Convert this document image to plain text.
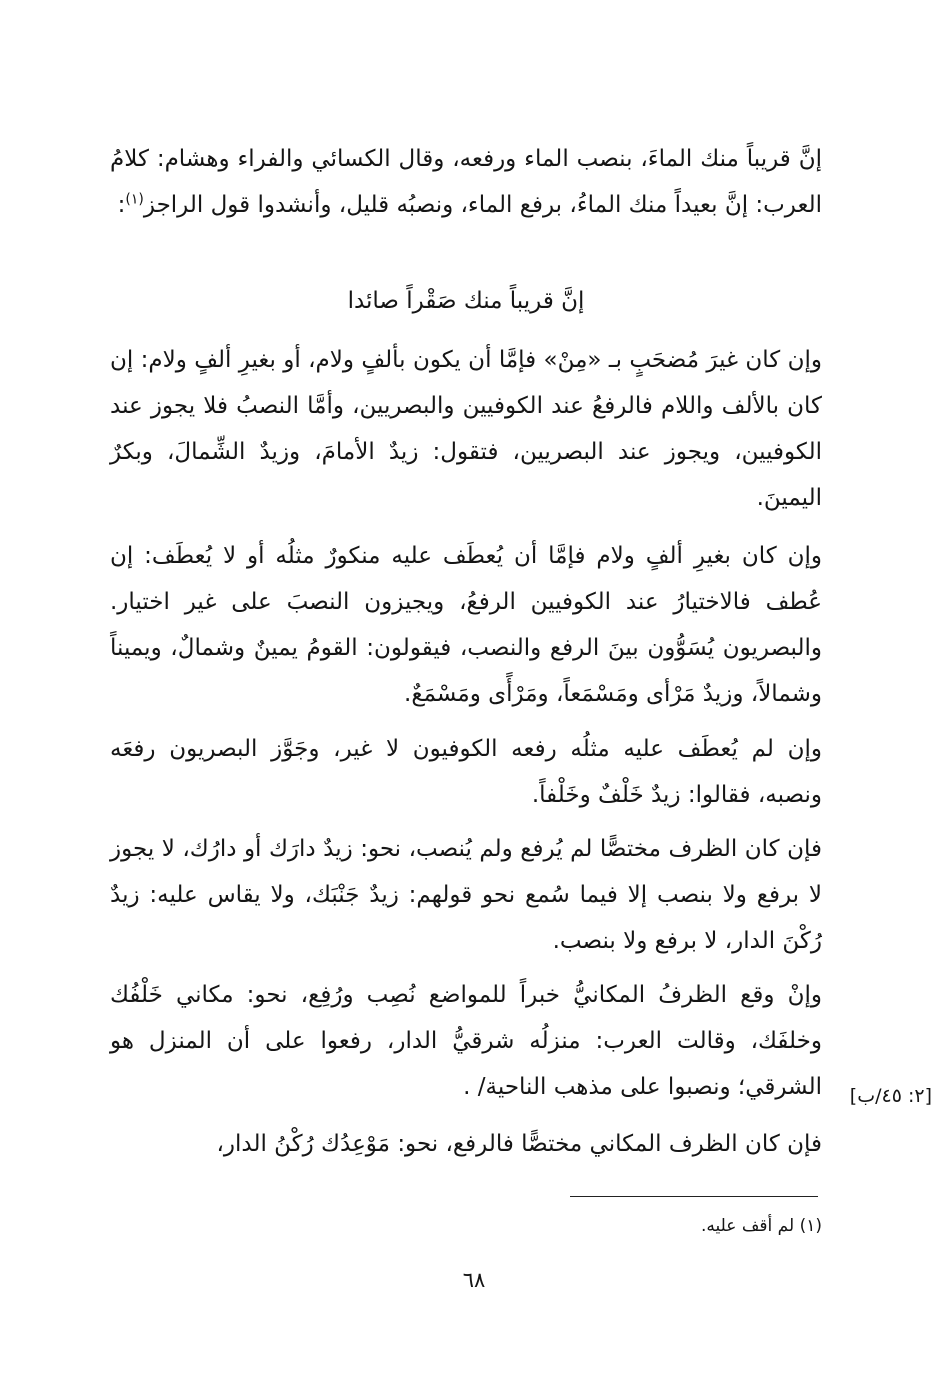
إنَّ قريباً منك الماءَ، بنصب الماء ورفعه، وقال الكسائي والفراء وهشام: كلامُ العرب: إنَّ بعيداً منك الماءُ، برفع الماء، ونصبُه قليل، وأنشدوا قول الراجز$^{(١)}$:

إنَّ قريباً منك صَقْراً صائدا

وإن كان غيرَ مُضحَبٍ بـ «مِنْ» فإمَّا أن يكون بألفٍ ولام، أو بغيرِ ألفٍ ولام: إن كان بالألف واللام فالرفعُ عند الكوفيين والبصريين، وأمَّا النصبُ فلا يجوز عند الكوفيين، ويجوز عند البصريين، فتقول: زيدٌ الأمامَ، وزيدٌ الشِّمالَ، وبكرٌ اليمينَ.

وإن كان بغيرِ ألفٍ ولام فإمَّا أن يُعطَف عليه منكورٌ مثلُه أو لا يُعطَف: إن عُطف فالاختيارُ عند الكوفيين الرفعُ، ويجيزون النصبَ على غير اختيار. والبصريون يُسَوُّون بينَ الرفع والنصب، فيقولون: القومُ يمينٌ وشمالٌ، ويميناً وشمالاً، وزيدٌ مَرْأى ومَسْمَعاً، ومَرْأًى ومَسْمَعٌ.

وإن لم يُعطَف عليه مثلُه رفعه الكوفيون لا غير، وجَوَّز البصريون رفعَه ونصبه، فقالوا: زيدٌ خَلْفٌ وخَلْفاً.

فإن كان الظرف مختصًّا لم يُرفع ولم يُنصب، نحو: زيدٌ دارَك أو دارُك، لا يجوز لا برفع ولا بنصب إلا فيما سُمع نحو قولهم: زيدٌ جَنْبَك، ولا يقاس عليه: زيدٌ رُكْنَ الدار، لا برفع ولا بنصب.

وإنْ وقع الظرفُ المكانيُّ خبراً للمواضع نُصِب ورُفِع، نحو: مكاني خَلْفُك وخلفَك، وقالت العرب: منزلُه شرقيُّ الدار، رفعوا على أن المنزل هو الشرقي؛ ونصبوا على مذهب الناحية/ .

فإن كان الظرف المكاني مختصًّا فالرفع، نحو: مَوْعِدُك رُكْنُ الدار،

[٢: ٤٥/ب]
(١) لم أقف عليه.
٦٨
